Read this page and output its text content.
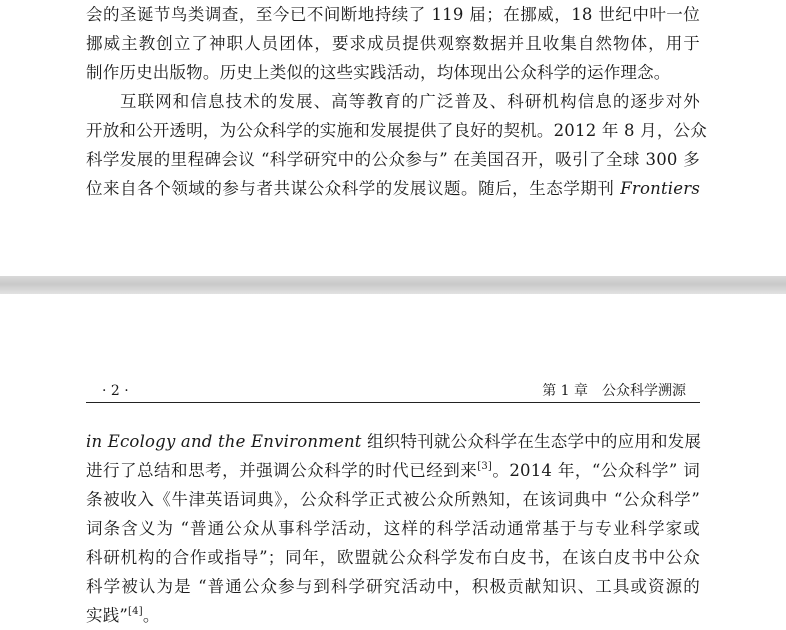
会的圣诞节鸟类调查，至今已不间断地持续了 119 届；在挪威，18 世纪中叶一位
挪威主教创立了神职人员团体，要求成员提供观察数据并且收集自然物体，用于
制作历史出版物。历史上类似的这些实践活动，均体现出公众科学的运作理念。
互联网和信息技术的发展、高等教育的广泛普及、科研机构信息的逐步对外
开放和公开透明，为公众科学的实施和发展提供了良好的契机。2012 年 8 月，公众
科学发展的里程碑会议 “科学研究中的公众参与” 在美国召开，吸引了全球 300 多
位来自各个领域的参与者共谋公众科学的发展议题。随后，生态学期刊 Frontiers
· 2 ·	第 1 章　公众科学溯源
in Ecology and the Environment 组织特刊就公众科学在生态学中的应用和发展
进行了总结和思考，并强调公众科学的时代已经到来[3]。2014 年，“公众科学” 词
条被收入《牛津英语词典》，公众科学正式被公众所熟知，在该词典中 “公众科学”
词条含义为 “普通公众从事科学活动，这样的科学活动通常基于与专业科学家或
科研机构的合作或指导”；同年，欧盟就公众科学发布白皮书，在该白皮书中公众
科学被认为是 “普通公众参与到科学研究活动中，积极贡献知识、工具或资源的
实践”[4]。
